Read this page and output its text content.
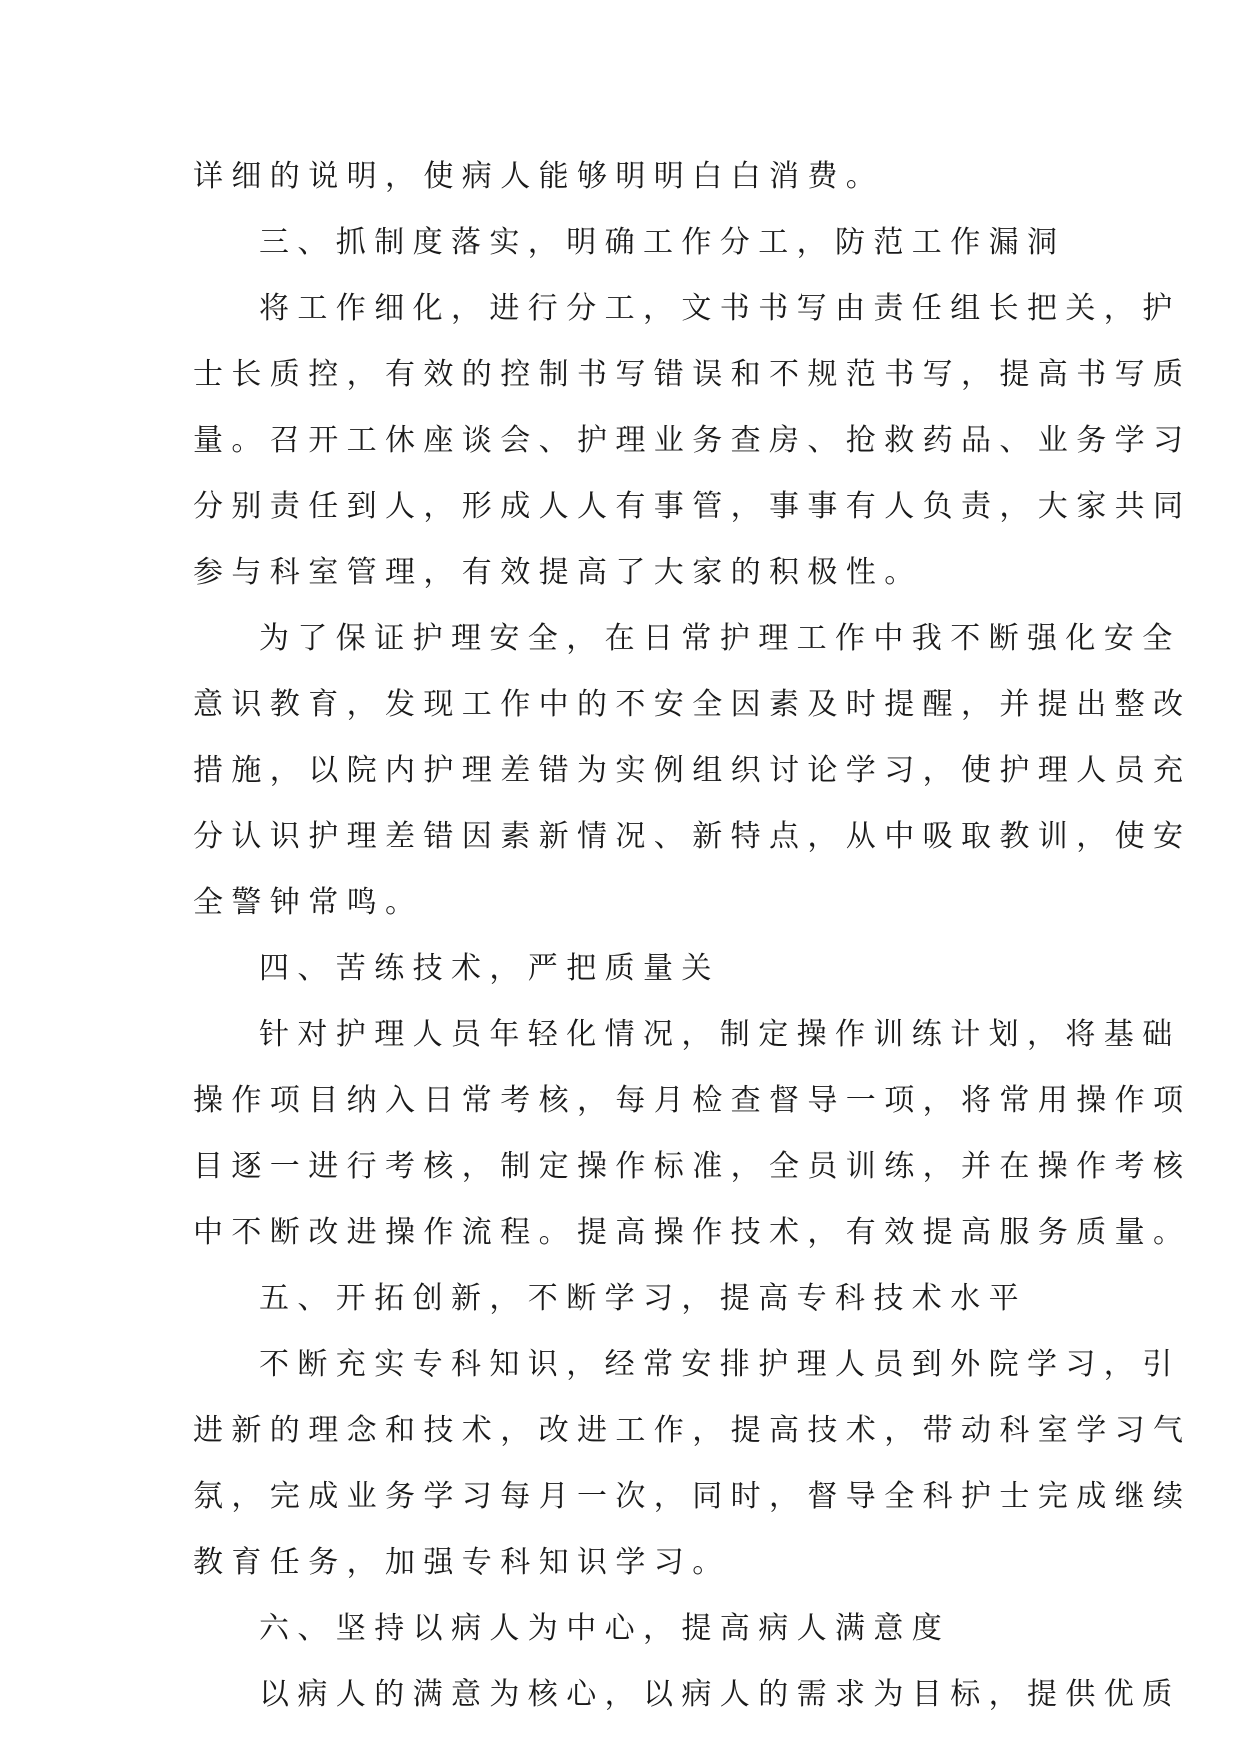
详细的说明，使病人能够明明白白消费。

三、抓制度落实，明确工作分工，防范工作漏洞

将工作细化，进行分工，文书书写由责任组长把关，护

士长质控，有效的控制书写错误和不规范书写，提高书写质

量。召开工休座谈会、护理业务查房、抢救药品、业务学习

分别责任到人，形成人人有事管，事事有人负责，大家共同

参与科室管理，有效提高了大家的积极性。

为了保证护理安全，在日常护理工作中我不断强化安全

意识教育，发现工作中的不安全因素及时提醒，并提出整改

措施，以院内护理差错为实例组织讨论学习，使护理人员充

分认识护理差错因素新情况、新特点，从中吸取教训，使安

全警钟常鸣。

四、苦练技术，严把质量关

针对护理人员年轻化情况，制定操作训练计划，将基础

操作项目纳入日常考核，每月检查督导一项，将常用操作项

目逐一进行考核，制定操作标准，全员训练，并在操作考核

中不断改进操作流程。提高操作技术，有效提高服务质量。

五、开拓创新，不断学习，提高专科技术水平

不断充实专科知识，经常安排护理人员到外院学习，引

进新的理念和技术，改进工作，提高技术，带动科室学习气

氛，完成业务学习每月一次，同时，督导全科护士完成继续

教育任务，加强专科知识学习。

六、坚持以病人为中心，提高病人满意度

以病人的满意为核心，以病人的需求为目标，提供优质
